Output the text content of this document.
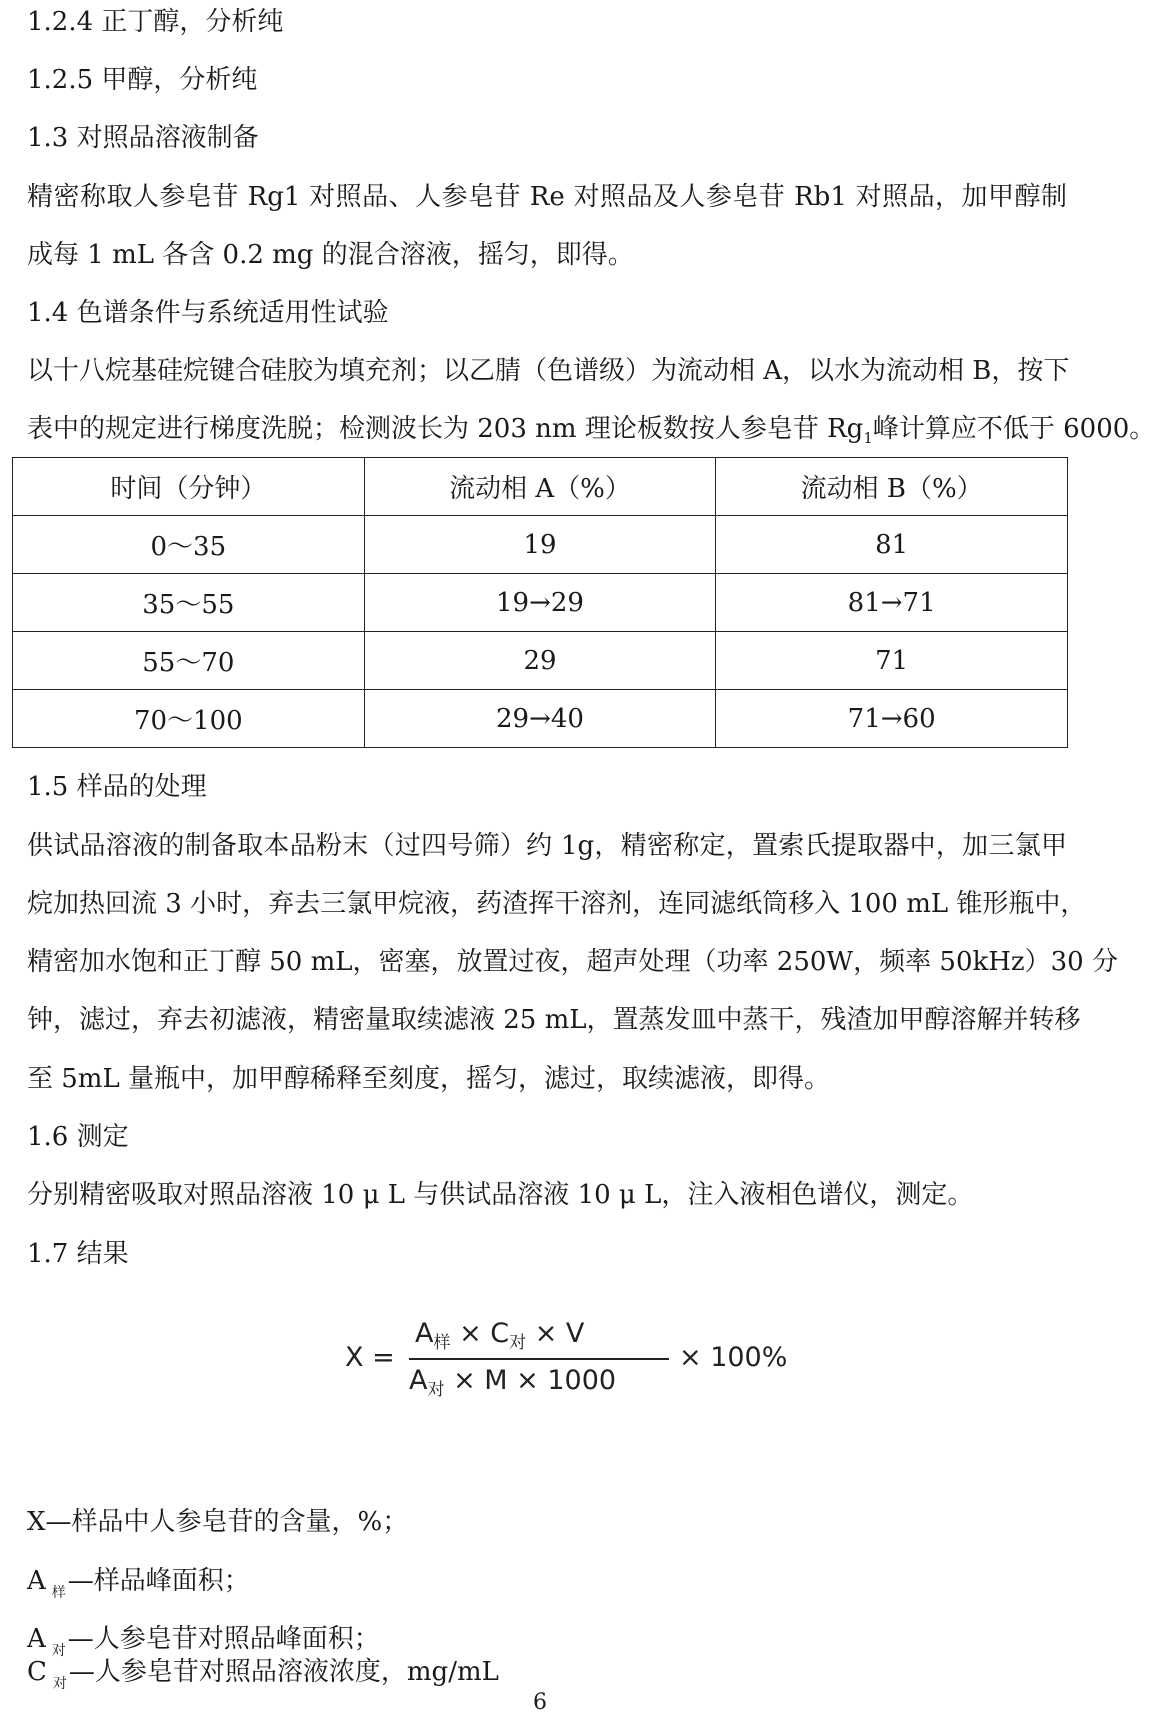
1.2.4 正丁醇，分析纯
1.2.5 甲醇，分析纯
1.3 对照品溶液制备
精密称取人参皂苷 Rg1 对照品、人参皂苷 Re 对照品及人参皂苷 Rb1 对照品，加甲醇制
成每 1 mL 各含 0.2 mg 的混合溶液，摇匀，即得。
1.4 色谱条件与系统适用性试验
以十八烷基硅烷键合硅胶为填充剂；以乙腈（色谱级）为流动相 A，以水为流动相 B，按下
表中的规定进行梯度洗脱；检测波长为 203 nm 理论板数按人参皂苷 $Rg_1$峰计算应不低于 6000。
时间（分钟）	流动相 A（%）	流动相 B（%）
0～35	19	81
35～55	19→29	81→71
55～70	29	71
70～100	29→40	71→60
1.5 样品的处理
供试品溶液的制备取本品粉末（过四号筛）约 1g，精密称定，置索氏提取器中，加三氯甲
烷加热回流 3 小时，弃去三氯甲烷液，药渣挥干溶剂，连同滤纸筒移入 100 mL 锥形瓶中，
精密加水饱和正丁醇 50 mL，密塞，放置过夜，超声处理（功率 250W，频率 50kHz）30 分
钟，滤过，弃去初滤液，精密量取续滤液 25 mL，置蒸发皿中蒸干，残渣加甲醇溶解并转移
至 5mL 量瓶中，加甲醇稀释至刻度，摇匀，滤过，取续滤液，即得。
1.6 测定
分别精密吸取对照品溶液 10 μ L 与供试品溶液 10 μ L，注入液相色谱仪，测定。
1.7 结果
X =
$A_样 \times C_对 \times V$
$A_对 \times M \times 1000$
× 100%
X—样品中人参皂苷的含量，%；
A $_样$—样品峰面积；
A $_对$—人参皂苷对照品峰面积；
C $_对$—人参皂苷对照品溶液浓度，mg/mL
6
